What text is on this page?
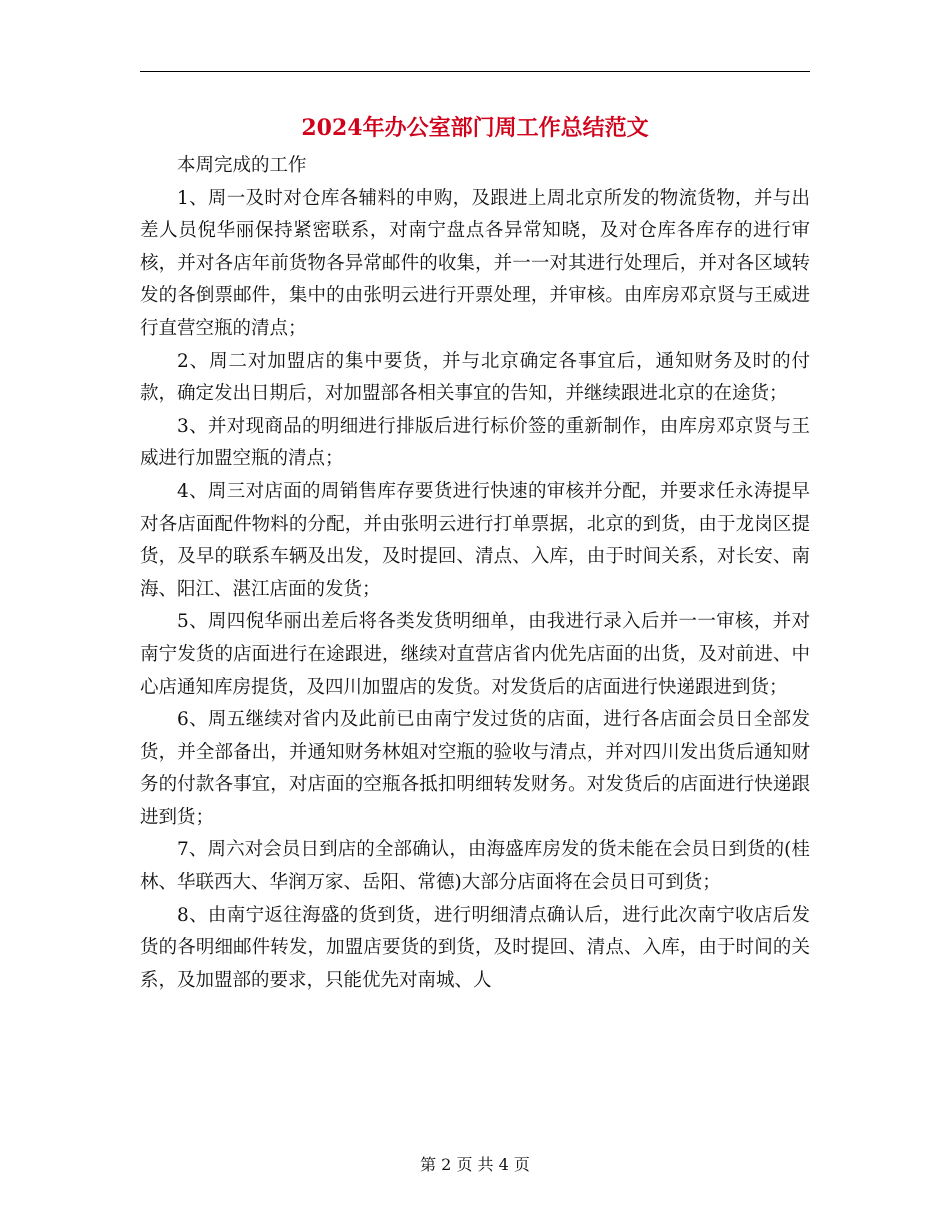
2024年办公室部门周工作总结范文

本周完成的工作

1、周一及时对仓库各辅料的申购，及跟进上周北京所发的物流货物，并与出差人员倪华丽保持紧密联系，对南宁盘点各异常知晓，及对仓库各库存的进行审核，并对各店年前货物各异常邮件的收集，并一一对其进行处理后，并对各区域转发的各倒票邮件，集中的由张明云进行开票处理，并审核。由库房邓京贤与王威进行直营空瓶的清点；

2、周二对加盟店的集中要货，并与北京确定各事宜后，通知财务及时的付款，确定发出日期后，对加盟部各相关事宜的告知，并继续跟进北京的在途货；

3、并对现商品的明细进行排版后进行标价签的重新制作，由库房邓京贤与王威进行加盟空瓶的清点；

4、周三对店面的周销售库存要货进行快速的审核并分配，并要求任永涛提早对各店面配件物料的分配，并由张明云进行打单票据，北京的到货，由于龙岗区提货，及早的联系车辆及出发，及时提回、清点、入库，由于时间关系，对长安、南海、阳江、湛江店面的发货；

5、周四倪华丽出差后将各类发货明细单，由我进行录入后并一一审核，并对南宁发货的店面进行在途跟进，继续对直营店省内优先店面的出货，及对前进、中心店通知库房提货，及四川加盟店的发货。对发货后的店面进行快递跟进到货；

6、周五继续对省内及此前已由南宁发过货的店面，进行各店面会员日全部发货，并全部备出，并通知财务林姐对空瓶的验收与清点，并对四川发出货后通知财务的付款各事宜，对店面的空瓶各抵扣明细转发财务。对发货后的店面进行快递跟进到货；

7、周六对会员日到店的全部确认，由海盛库房发的货未能在会员日到货的(桂林、华联西大、华润万家、岳阳、常德)大部分店面将在会员日可到货；

8、由南宁返往海盛的货到货，进行明细清点确认后，进行此次南宁收店后发货的各明细邮件转发，加盟店要货的到货，及时提回、清点、入库，由于时间的关系，及加盟部的要求，只能优先对南城、人

第 2 页 共 4 页
